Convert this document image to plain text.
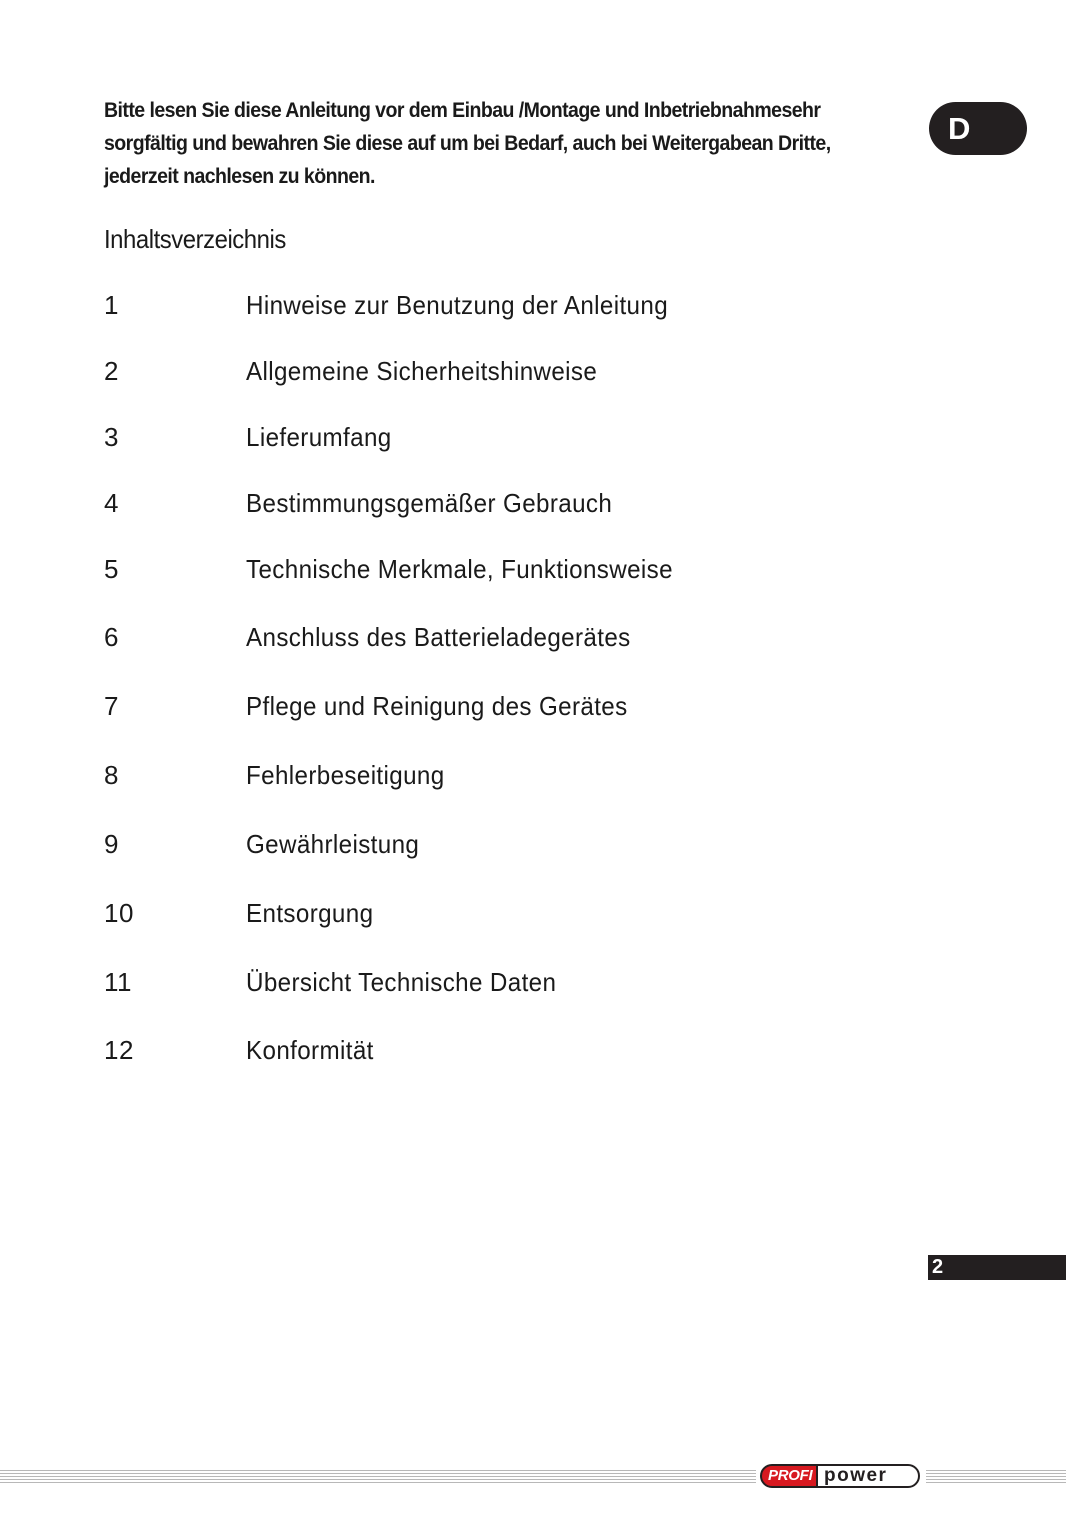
Bitte lesen Sie diese Anleitung vor dem Einbau /Montage und Inbetriebnahmesehr

sorgfältig und bewahren Sie diese auf um bei Bedarf, auch bei Weitergabean Dritte,

jederzeit nachlesen zu können.

D
Inhaltsverzeichnis
1	Hinweise zur Benutzung der Anleitung
2	Allgemeine Sicherheitshinweise
3	Lieferumfang
4	Bestimmungsgemäßer Gebrauch
5	Technische Merkmale, Funktionsweise
6	Anschluss des Batterieladegerätes
7	Pflege und Reinigung des Gerätes
8	Fehlerbeseitigung
9	Gewährleistung
10	Entsorgung
11	Übersicht Technische Daten
12	Konformität
2
PROFI power
